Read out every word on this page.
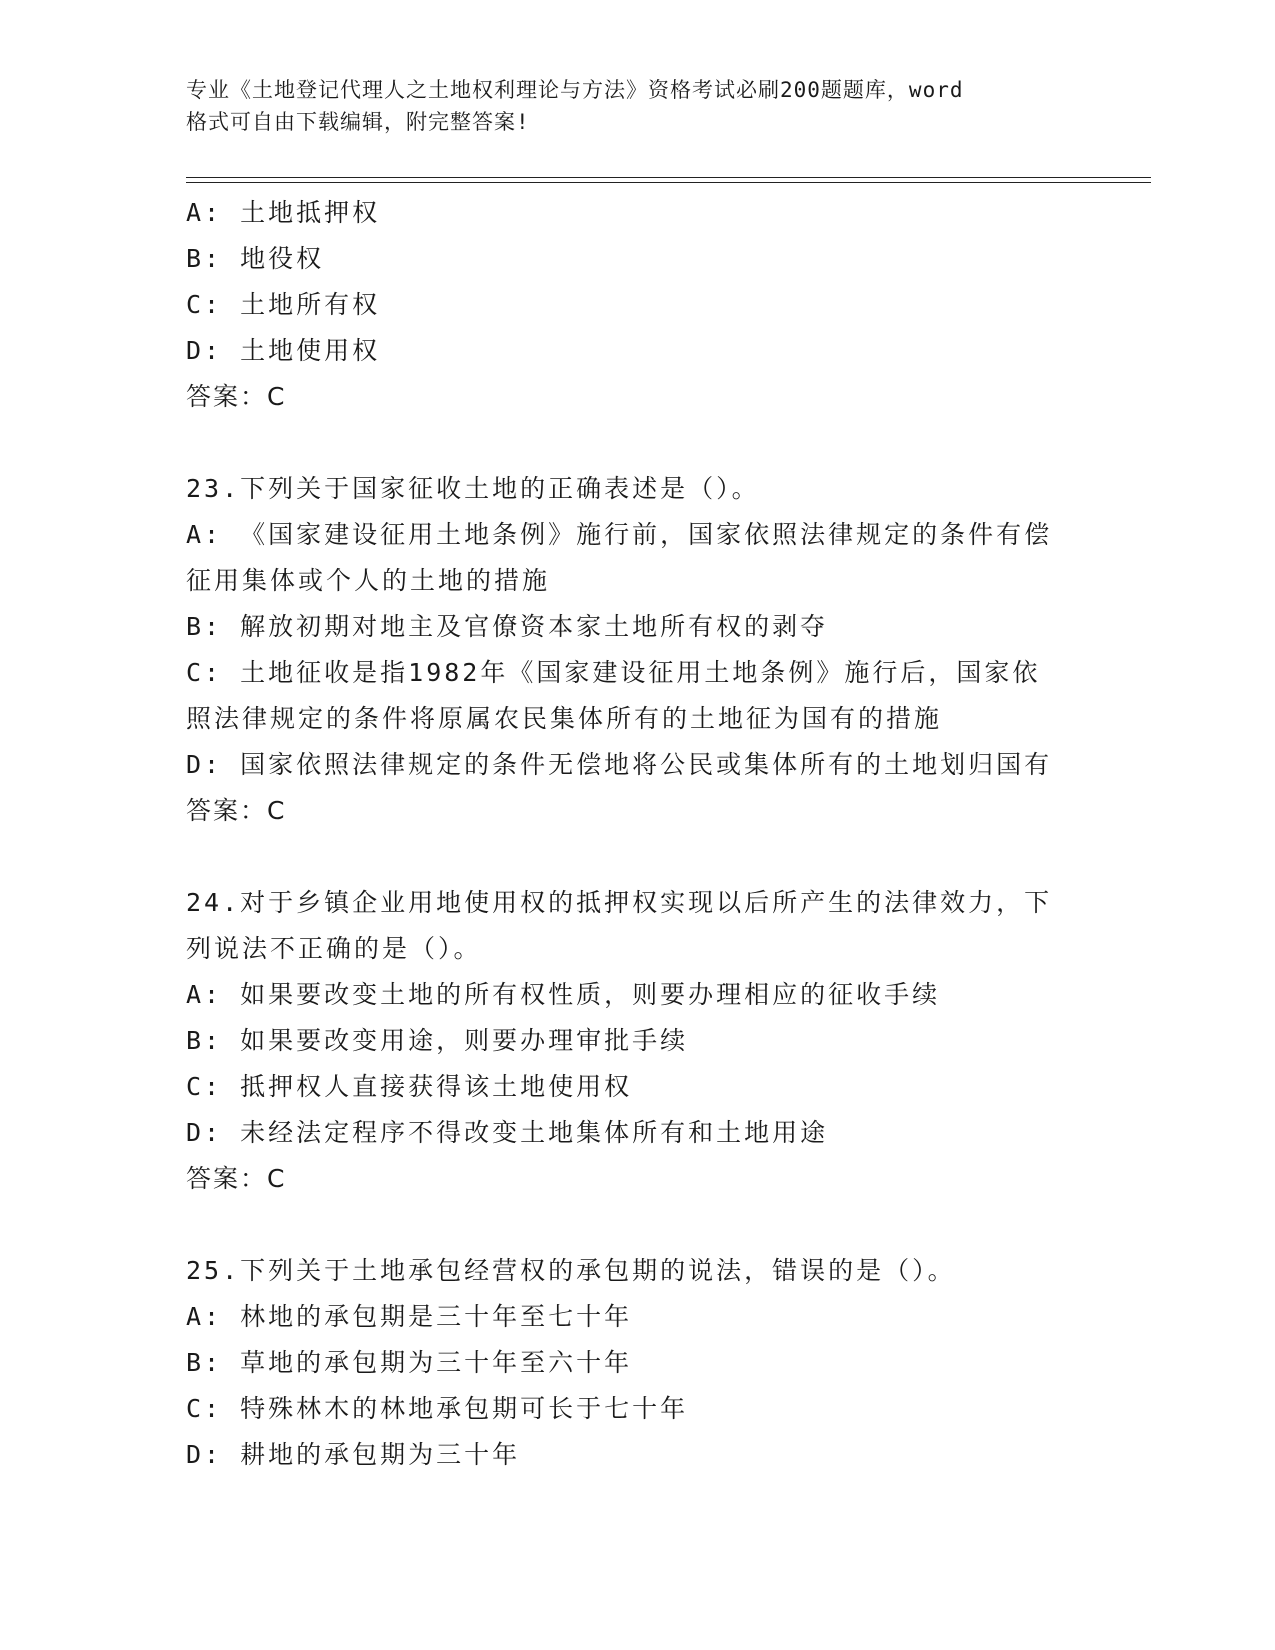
专业《土地登记代理人之土地权利理论与方法》资格考试必刷200题题库，word
格式可自由下载编辑，附完整答案!
A: 土地抵押权
B: 地役权
C: 土地所有权
D: 土地使用权
答案：C
23.下列关于国家征收土地的正确表述是（）。
A: 《国家建设征用土地条例》施行前，国家依照法律规定的条件有偿
征用集体或个人的土地的措施
B: 解放初期对地主及官僚资本家土地所有权的剥夺
C: 土地征收是指1982年《国家建设征用土地条例》施行后，国家依
照法律规定的条件将原属农民集体所有的土地征为国有的措施
D: 国家依照法律规定的条件无偿地将公民或集体所有的土地划归国有
答案：C
24.对于乡镇企业用地使用权的抵押权实现以后所产生的法律效力，下
列说法不正确的是（）。
A: 如果要改变土地的所有权性质，则要办理相应的征收手续
B: 如果要改变用途，则要办理审批手续
C: 抵押权人直接获得该土地使用权
D: 未经法定程序不得改变土地集体所有和土地用途
答案：C
25.下列关于土地承包经营权的承包期的说法，错误的是（）。
A: 林地的承包期是三十年至七十年
B: 草地的承包期为三十年至六十年
C: 特殊林木的林地承包期可长于七十年
D: 耕地的承包期为三十年
